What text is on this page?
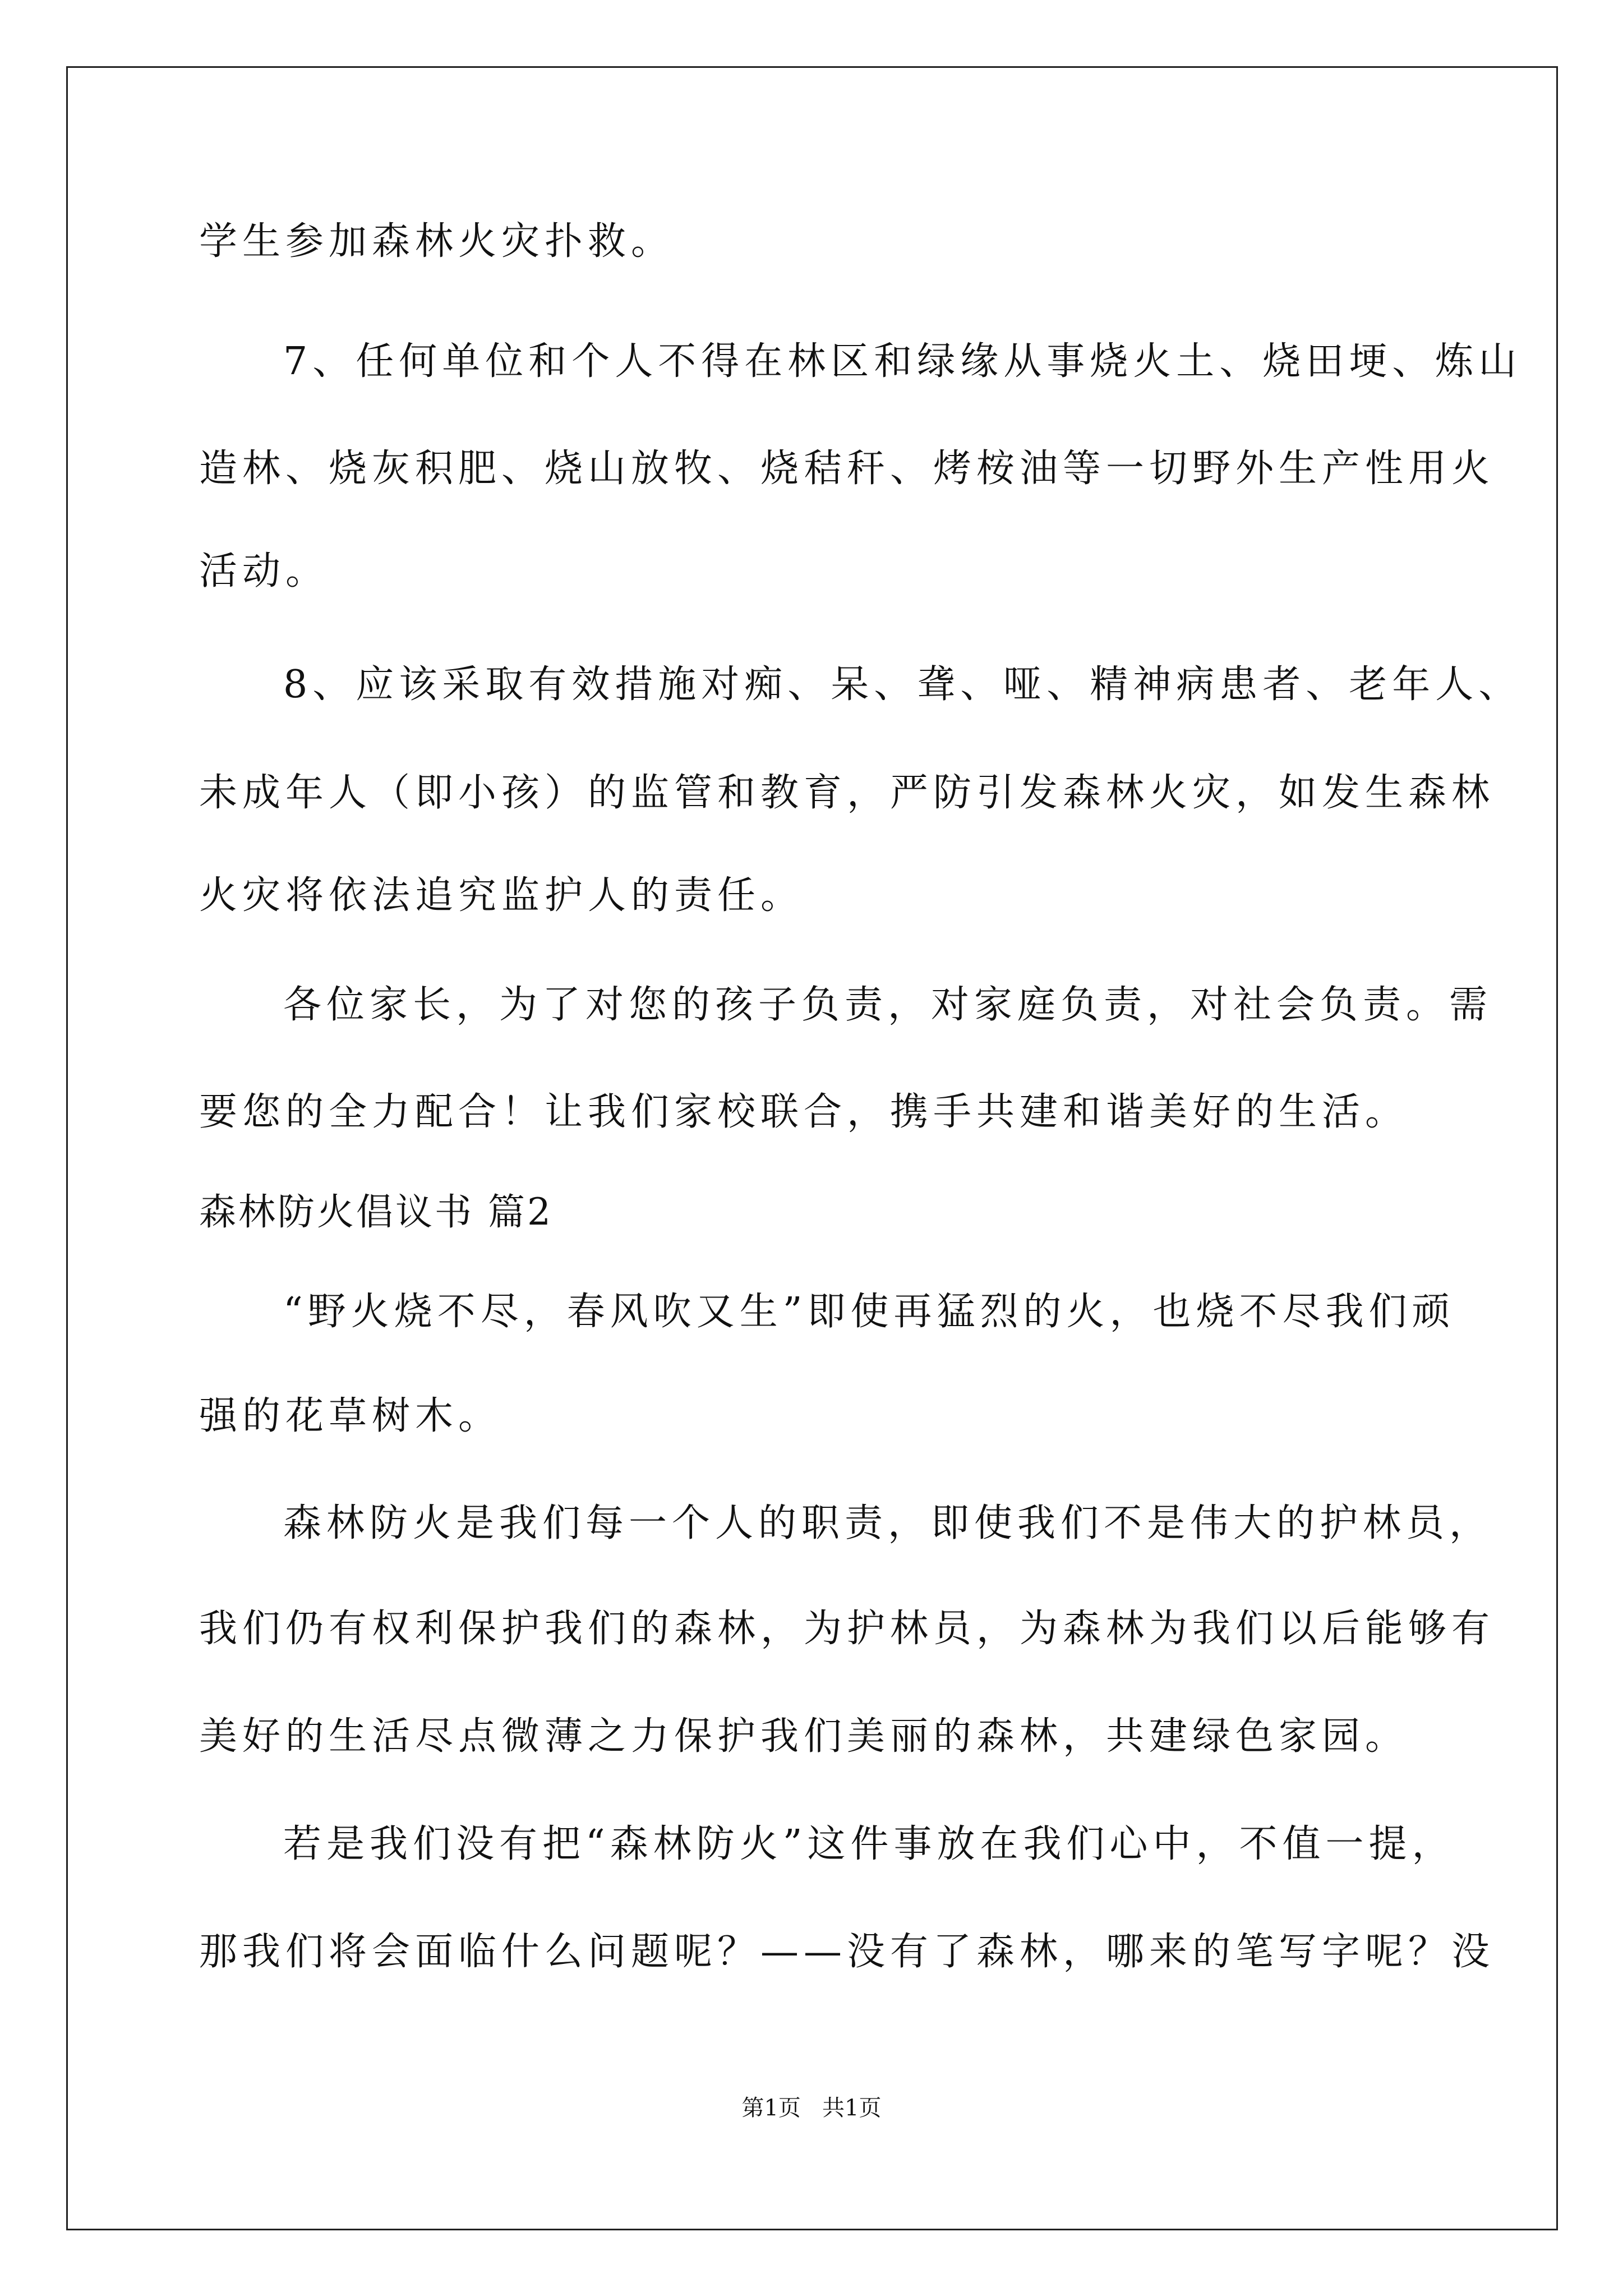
学生参加森林火灾扑救。

7、任何单位和个人不得在林区和绿缘从事烧火土、烧田埂、炼山

造林、烧灰积肥、烧山放牧、烧秸秆、烤桉油等一切野外生产性用火

活动。

8、应该采取有效措施对痴、呆、聋、哑、精神病患者、老年人、

未成年人（即小孩）的监管和教育，严防引发森林火灾，如发生森林

火灾将依法追究监护人的责任。

各位家长，为了对您的孩子负责，对家庭负责，对社会负责。需

要您的全力配合！让我们家校联合，携手共建和谐美好的生活。

森林防火倡议书 篇2

“野火烧不尽，春风吹又生”即使再猛烈的火，也烧不尽我们顽

强的花草树木。

森林防火是我们每一个人的职责，即使我们不是伟大的护林员，

我们仍有权利保护我们的森林，为护林员，为森林为我们以后能够有

美好的生活尽点微薄之力保护我们美丽的森林，共建绿色家园。

若是我们没有把“森林防火”这件事放在我们心中，不值一提，

那我们将会面临什么问题呢？——没有了森林，哪来的笔写字呢？没

第1页   共1页
